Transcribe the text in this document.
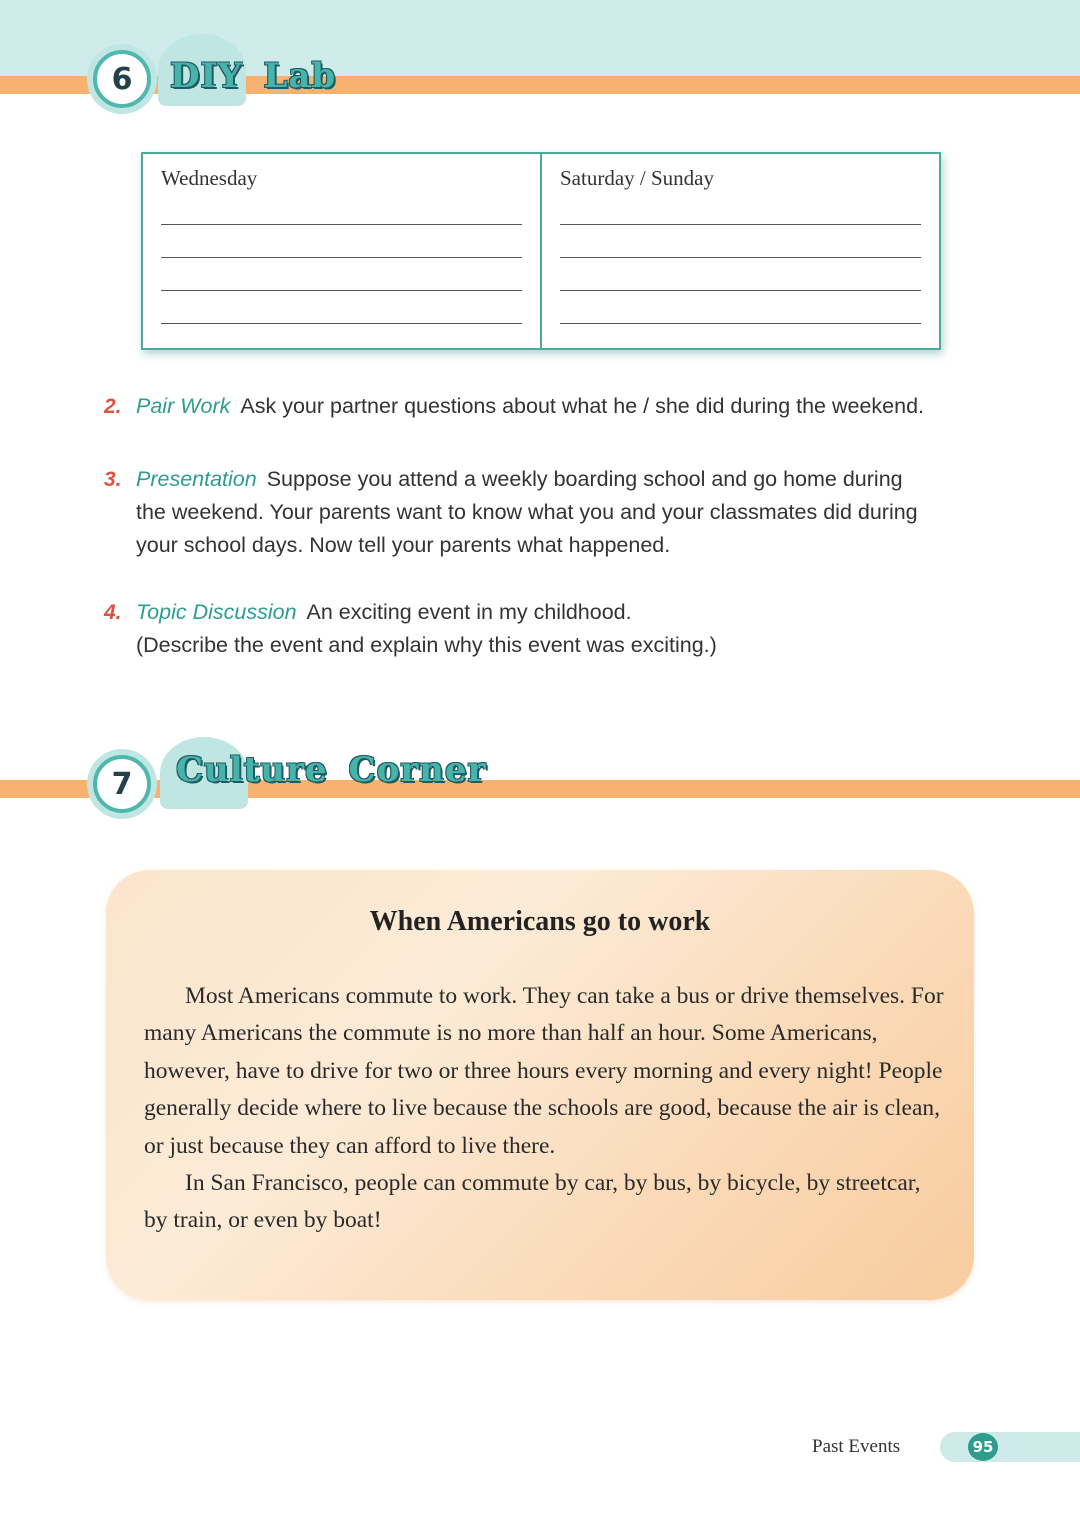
6	DIY Lab
Wednesday	Saturday / Sunday
2. Pair Work Ask your partner questions about what he / she did during the weekend.
3. Presentation Suppose you attend a weekly boarding school and go home during the weekend. Your parents want to know what you and your classmates did during your school days. Now tell your parents what happened.
4. Topic Discussion An exciting event in my childhood.
(Describe the event and explain why this event was exciting.)
7	Culture Corner
When Americans go to work

Most Americans commute to work. They can take a bus or drive themselves. For many Americans the commute is no more than half an hour. Some Americans, however, have to drive for two or three hours every morning and every night! People generally decide where to live because the schools are good, because the air is clean, or just because they can afford to live there.

In San Francisco, people can commute by car, by bus, by bicycle, by streetcar, by train, or even by boat!

Past Events	95
